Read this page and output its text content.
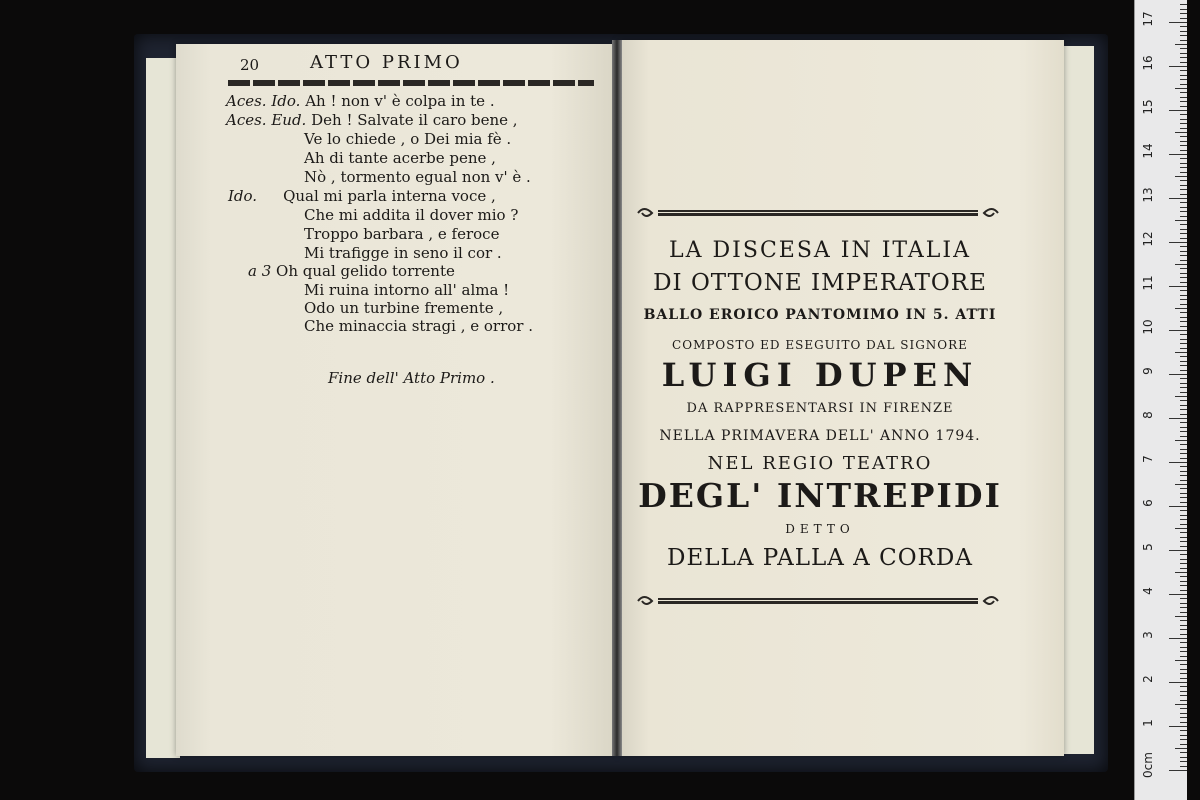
20	ATTO PRIMO
Aces. Ido. Ah ! non v' è colpa in te .
Aces. Eud. Deh ! Salvate il caro bene ,
Ve lo chiede , o Dei mia fè .
Ah di tante acerbe pene ,
Nò , tormento egual non v' è .
Ido. Qual mi parla interna voce ,
Che mi addita il dover mio ?
Troppo barbara , e feroce
Mi trafigge in seno il cor .
a 3 Oh qual gelido torrente
Mi ruina intorno all' alma !
Odo un turbine fremente ,
Che minaccia stragi , e orror .
Fine dell' Atto Primo .
LA DISCESA IN ITALIA
DI OTTONE IMPERATORE
BALLO EROICO PANTOMIMO IN 5. ATTI
COMPOSTO ED ESEGUITO DAL SIGNORE
LUIGI DUPEN
DA RAPPRESENTARSI IN FIRENZE
NELLA PRIMAVERA DELL' ANNO 1794.
NEL REGIO TEATRO
DEGL' INTREPIDI
DETTO
DELLA PALLA A CORDA
0cm
1
2
3
4
5
6
7
8
9
10
11
12
13
14
15
16
17
